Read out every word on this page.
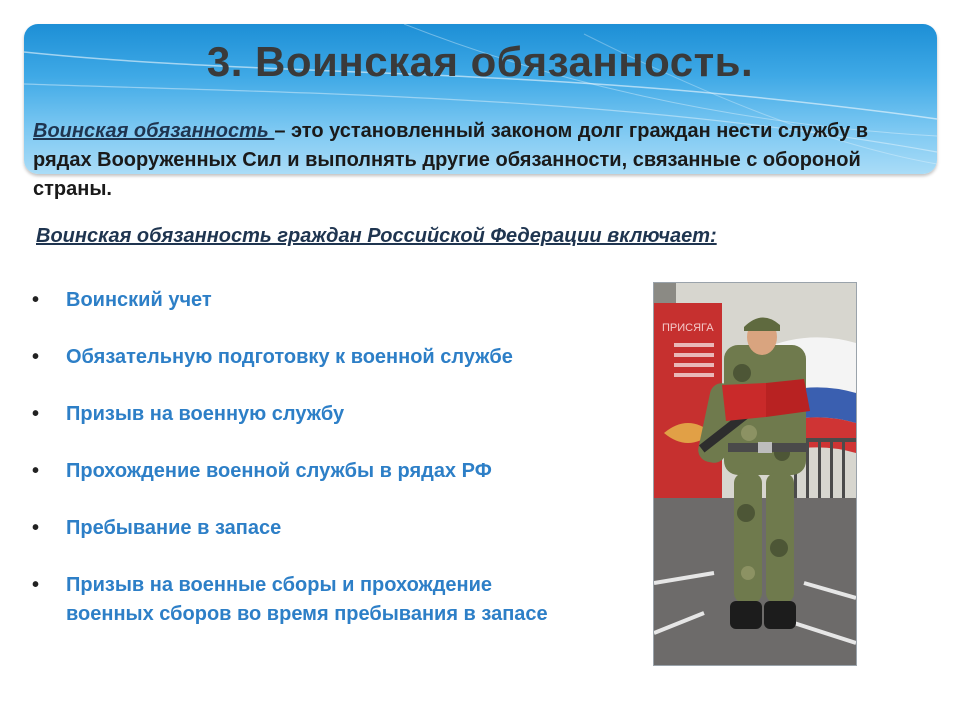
3. Воинская обязанность.
Воинская обязанность – это установленный законом долг граждан нести службу в рядах Вооруженных Сил и выполнять другие обязанности, связанные с обороной страны.
Воинская обязанность граждан Российской Федерации включает:
• Воинский учет
• Обязательную подготовку к военной службе
• Призыв на военную службу
• Прохождение военной службы в рядах РФ
• Пребывание в запасе
• Призыв на военные сборы и прохождение военных сборов во время пребывания в запасе
ПРИСЯГА
